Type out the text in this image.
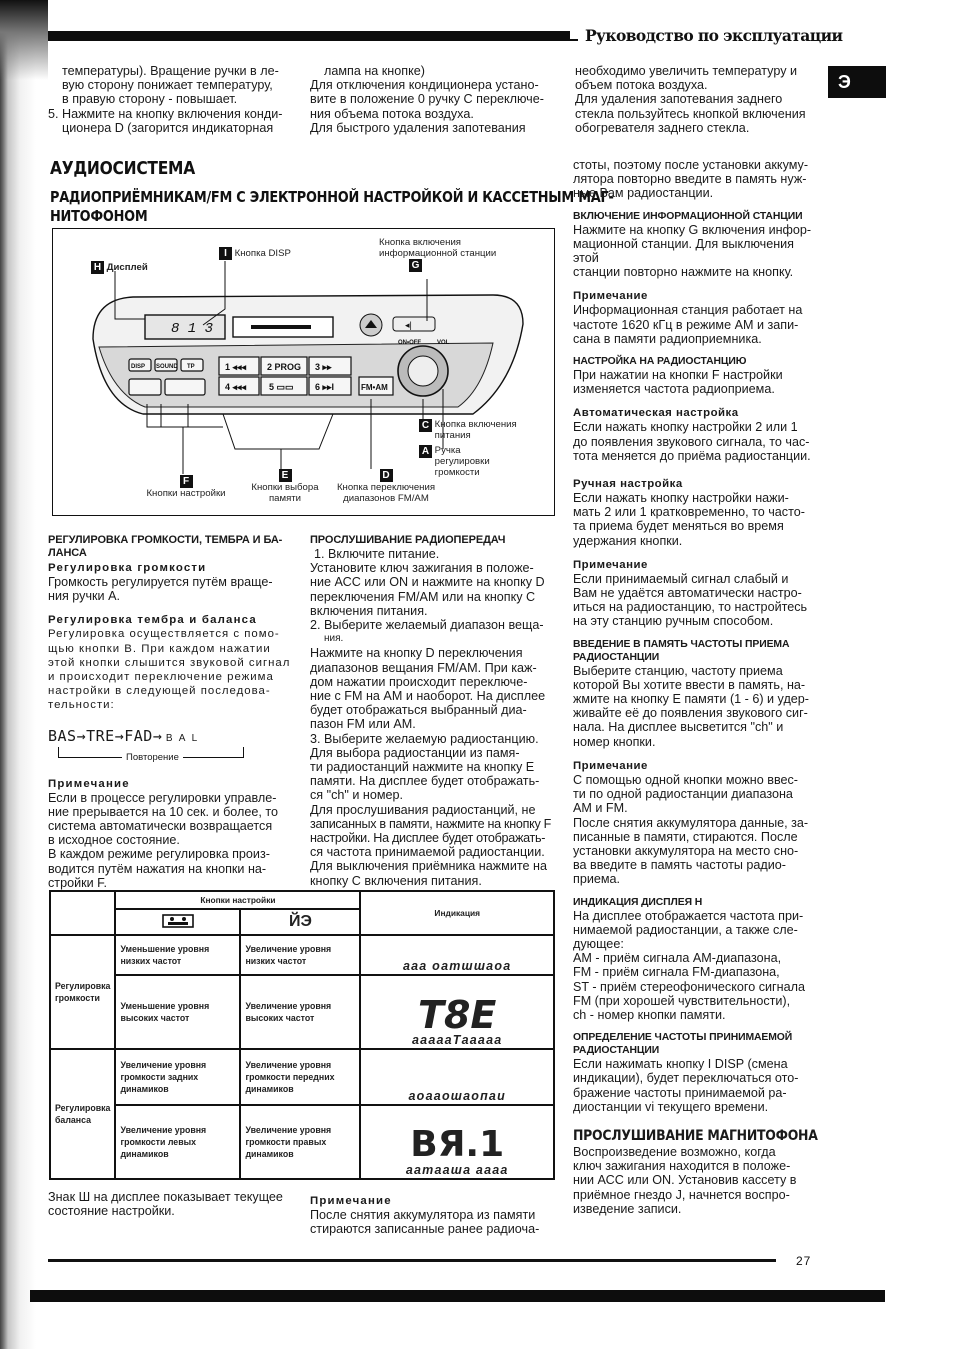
Руководство по эксплуатации
Э

температуры). Вращение ручки в ле-

вую сторону понижает температуру,

в правую сторону - повышает.

5. Нажмите на кнопку включения конди-

ционера D (загорится индикаторная

лампа на кнопке)

Для отключения кондиционера устано-

вите в положение 0 ручку С переключе-

ния объема потока воздуха.

Для быстрого удаления запотевания

необходимо увеличить температуру и

объем потока воздуха.

Для удаления запотевания заднего

стекла пользуйтесь кнопкой включения

обогревателя заднего стекла.

АУДИОСИСТЕМА
РАДИОПРИЁМНИКАМ/FM С ЭЛЕКТРОННОЙ НАСТРОЙКОЙ И КАССЕТНЫМ МАГ-
НИТОФОНОМ
8 1 3	◂|
1 ◂◂◂ 2 PROG 3 ▸▸
4 ◂◂◂	5 ▭▭ 6 ▸▸I	FM•AM
DISP SOUND TP
ON•OFF	VOL
H Дисплей
I Кнопка DISP
Кнопка включения
информационной станции
G
C Кнопка включения
питания
A Ручка
регулировки
громкости
F
Кнопки настройки
E
Кнопки выбора
памяти
D
Кнопка переключения
диапазонов FM/AM

РЕГУЛИРОВКА ГРОМКОСТИ, ТЕМБРА И БА-

ЛАНСА

Регулировка громкости

Громкость регулируется путём враще-

ния ручки А.

Регулировка тембра и баланса

Регулировка осуществляется с помо-

щью кнопки В. При каждом нажатии

этой кнопки слышится звуковой сигнал

и происходит переключение режима

настройки в следующей последова-

тельности:

BAS→TRE→FAD→ B A L
Повторение

Примечание

Если в процессе регулировки управле-

ние прерывается на 10 сек. и более, то

система автоматически возвращается

в исходное состояние.

В каждом режиме регулировка произ-

водится путём нажатия на кнопки на-

стройки F.

ПРОСЛУШИВАНИЕ РАДИОПЕРЕДАЧ

1. Включите питание.

Установите ключ зажигания в положе-

ние АСС или ON и нажмите на кнопку D

переключения FM/AM или на кнопку С

включения питания.

2. Выберите желаемый диапазон веща-

ния.

Нажмите на кнопку D переключения

диапазонов вещания FM/AM. При каж-

дом нажатии происходит переключе-

ние с FM на AM и наоборот. На дисплее

будет отображаться выбранный диа-

пазон FM или AM.

3. Выберите желаемую радиостанцию.

Для выбора радиостанции из памя-

ти радиостанций нажмите на кнопку E

памяти. На дисплее будет отображать-

ся "ch" и номер.

Для прослушивания радиостанций, не

записанных в памяти, нажмите на кнопку F

настройки. На дисплее будет отображать-

ся частота принимаемой радиостанции.

Для выключения приёмника нажмите на

кнопку С включения питания.

	Кнопки настройки		Индикация
	ЙЭ	
Регулировка громкости	Уменьшение уровня низких частот	Увеличение уровня низких частот	ааа оатшшаоа

	Уменьшение уровня высоких частот	Увеличение уровня высоких частот	T8E
аааааТааааа

Регулировка баланса	Увеличение уровня громкости задних динамиков	Увеличение уровня громкости передних динамиков	аоааошаопаи

	Увеличение уровня громкости левых динамиков	Увеличение уровня громкости правых динамиков	ВЯ.1
аатааша аааа

Знак Ш на дисплее показывает текущее

состояние настройки.

Примечание

После снятия аккумулятора из памяти

стираются записанные ранее радиоча-

стоты, поэтому после установки аккуму-

лятора повторно введите в память нуж-

ные Вам радиостанции.

ВКЛЮЧЕНИЕ ИНФОРМАЦИОННОЙ СТАНЦИИ

Нажмите на кнопку G включения инфор-

мационной станции. Для выключения этой

станции повторно нажмите на кнопку.

Примечание

Информационная станция работает на

частоте 1620 кГц в режиме АМ и запи-

сана в памяти радиоприемника.

НАСТРОЙКА НА РАДИОСТАНЦИЮ

При нажатии на кнопки F настройки

изменяется частота радиоприема.

Автоматическая настройка

Если нажать кнопку настройки 2 или 1

до появления звукового сигнала, то час-

тота меняется до приёма радиостанции.

Ручная настройка

Если нажать кнопку настройки нажи-

мать 2 или 1 кратковременно, то часто-

та приема будет меняться во время

удержания кнопки.

Примечание

Если принимаемый сигнал слабый и

Вам не удаётся автоматически настро-

иться на радиостанцию, то настройтесь

на эту станцию ручным способом.

ВВЕДЕНИЕ В ПАМЯТЬ ЧАСТОТЫ ПРИЕМА

РАДИОСТАНЦИИ

Выберите станцию, частоту приема

которой Вы хотите ввести в память, на-

жмите на кнопку Е памяти (1 - 6) и удер-

живайте её до появления звукового сиг-

нала. На дисплее высветится "ch" и

номер кнопки.

Примечание

С помощью одной кнопки можно ввес-

ти по одной радиостанции диапазона

АМ и FM.

После снятия аккумулятора данные, за-

писанные в памяти, стираются. После

установки аккумулятора на место сно-

ва введите в память частоты радио-

приема.

ИНДИКАЦИЯ ДИСПЛЕЯ Н

На дисплее отображается частота при-

нимаемой радиостанции, а также сле-

дующее:

AM - приём сигнала АМ-диапазона,

FM - приём сигнала FM-диапазона,

ST - приём стереофонического сигнала

FM (при хорошей чувствительности),

ch - номер кнопки памяти.

ОПРЕДЕЛЕНИЕ ЧАСТОТЫ ПРИНИМАЕМОЙ

РАДИОСТАНЦИИ

Если нажимать кнопку I DISP (смена

индикации), будет переключаться ото-

бражение частоты принимаемой ра-

диостанции vi текущего времени.

ПРОСЛУШИВАНИЕ МАГНИТОФОНА

Воспроизведение возможно, когда

ключ зажигания находится в положе-

нии АСС или ON. Установив кассету в

приёмное гнездо J, начнется воспро-

изведение записи.

27
